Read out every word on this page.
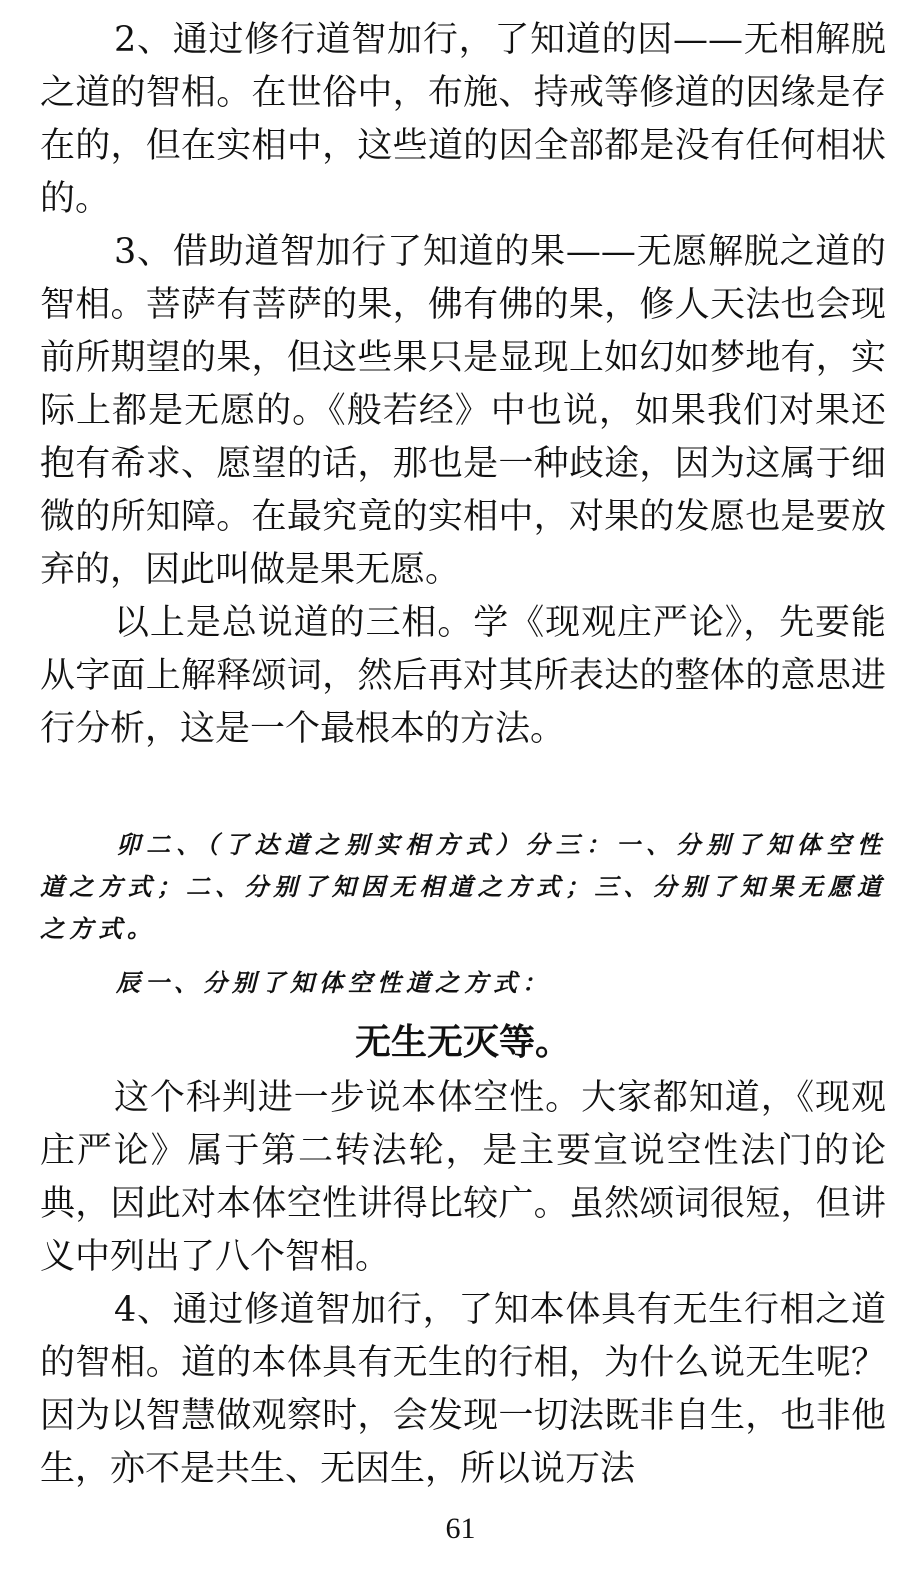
2、通过修行道智加行，了知道的因——无相解脱之道的智相。在世俗中，布施、持戒等修道的因缘是存在的，但在实相中，这些道的因全部都是没有任何相状的。

3、借助道智加行了知道的果——无愿解脱之道的智相。菩萨有菩萨的果，佛有佛的果，修人天法也会现前所期望的果，但这些果只是显现上如幻如梦地有，实际上都是无愿的。《般若经》中也说，如果我们对果还抱有希求、愿望的话，那也是一种歧途，因为这属于细微的所知障。在最究竟的实相中，对果的发愿也是要放弃的，因此叫做是果无愿。

以上是总说道的三相。学《现观庄严论》，先要能从字面上解释颂词，然后再对其所表达的整体的意思进行分析，这是一个最根本的方法。

卯二、（了达道之别实相方式）分三：一、分别了知体空性道之方式；二、分别了知因无相道之方式；三、分别了知果无愿道之方式。

辰一、分别了知体空性道之方式：

无生无灭等。

这个科判进一步说本体空性。大家都知道，《现观庄严论》属于第二转法轮，是主要宣说空性法门的论典，因此对本体空性讲得比较广。虽然颂词很短，但讲义中列出了八个智相。

4、通过修道智加行，了知本体具有无生行相之道的智相。道的本体具有无生的行相，为什么说无生呢？因为以智慧做观察时，会发现一切法既非自生，也非他生，亦不是共生、无因生，所以说万法

61
